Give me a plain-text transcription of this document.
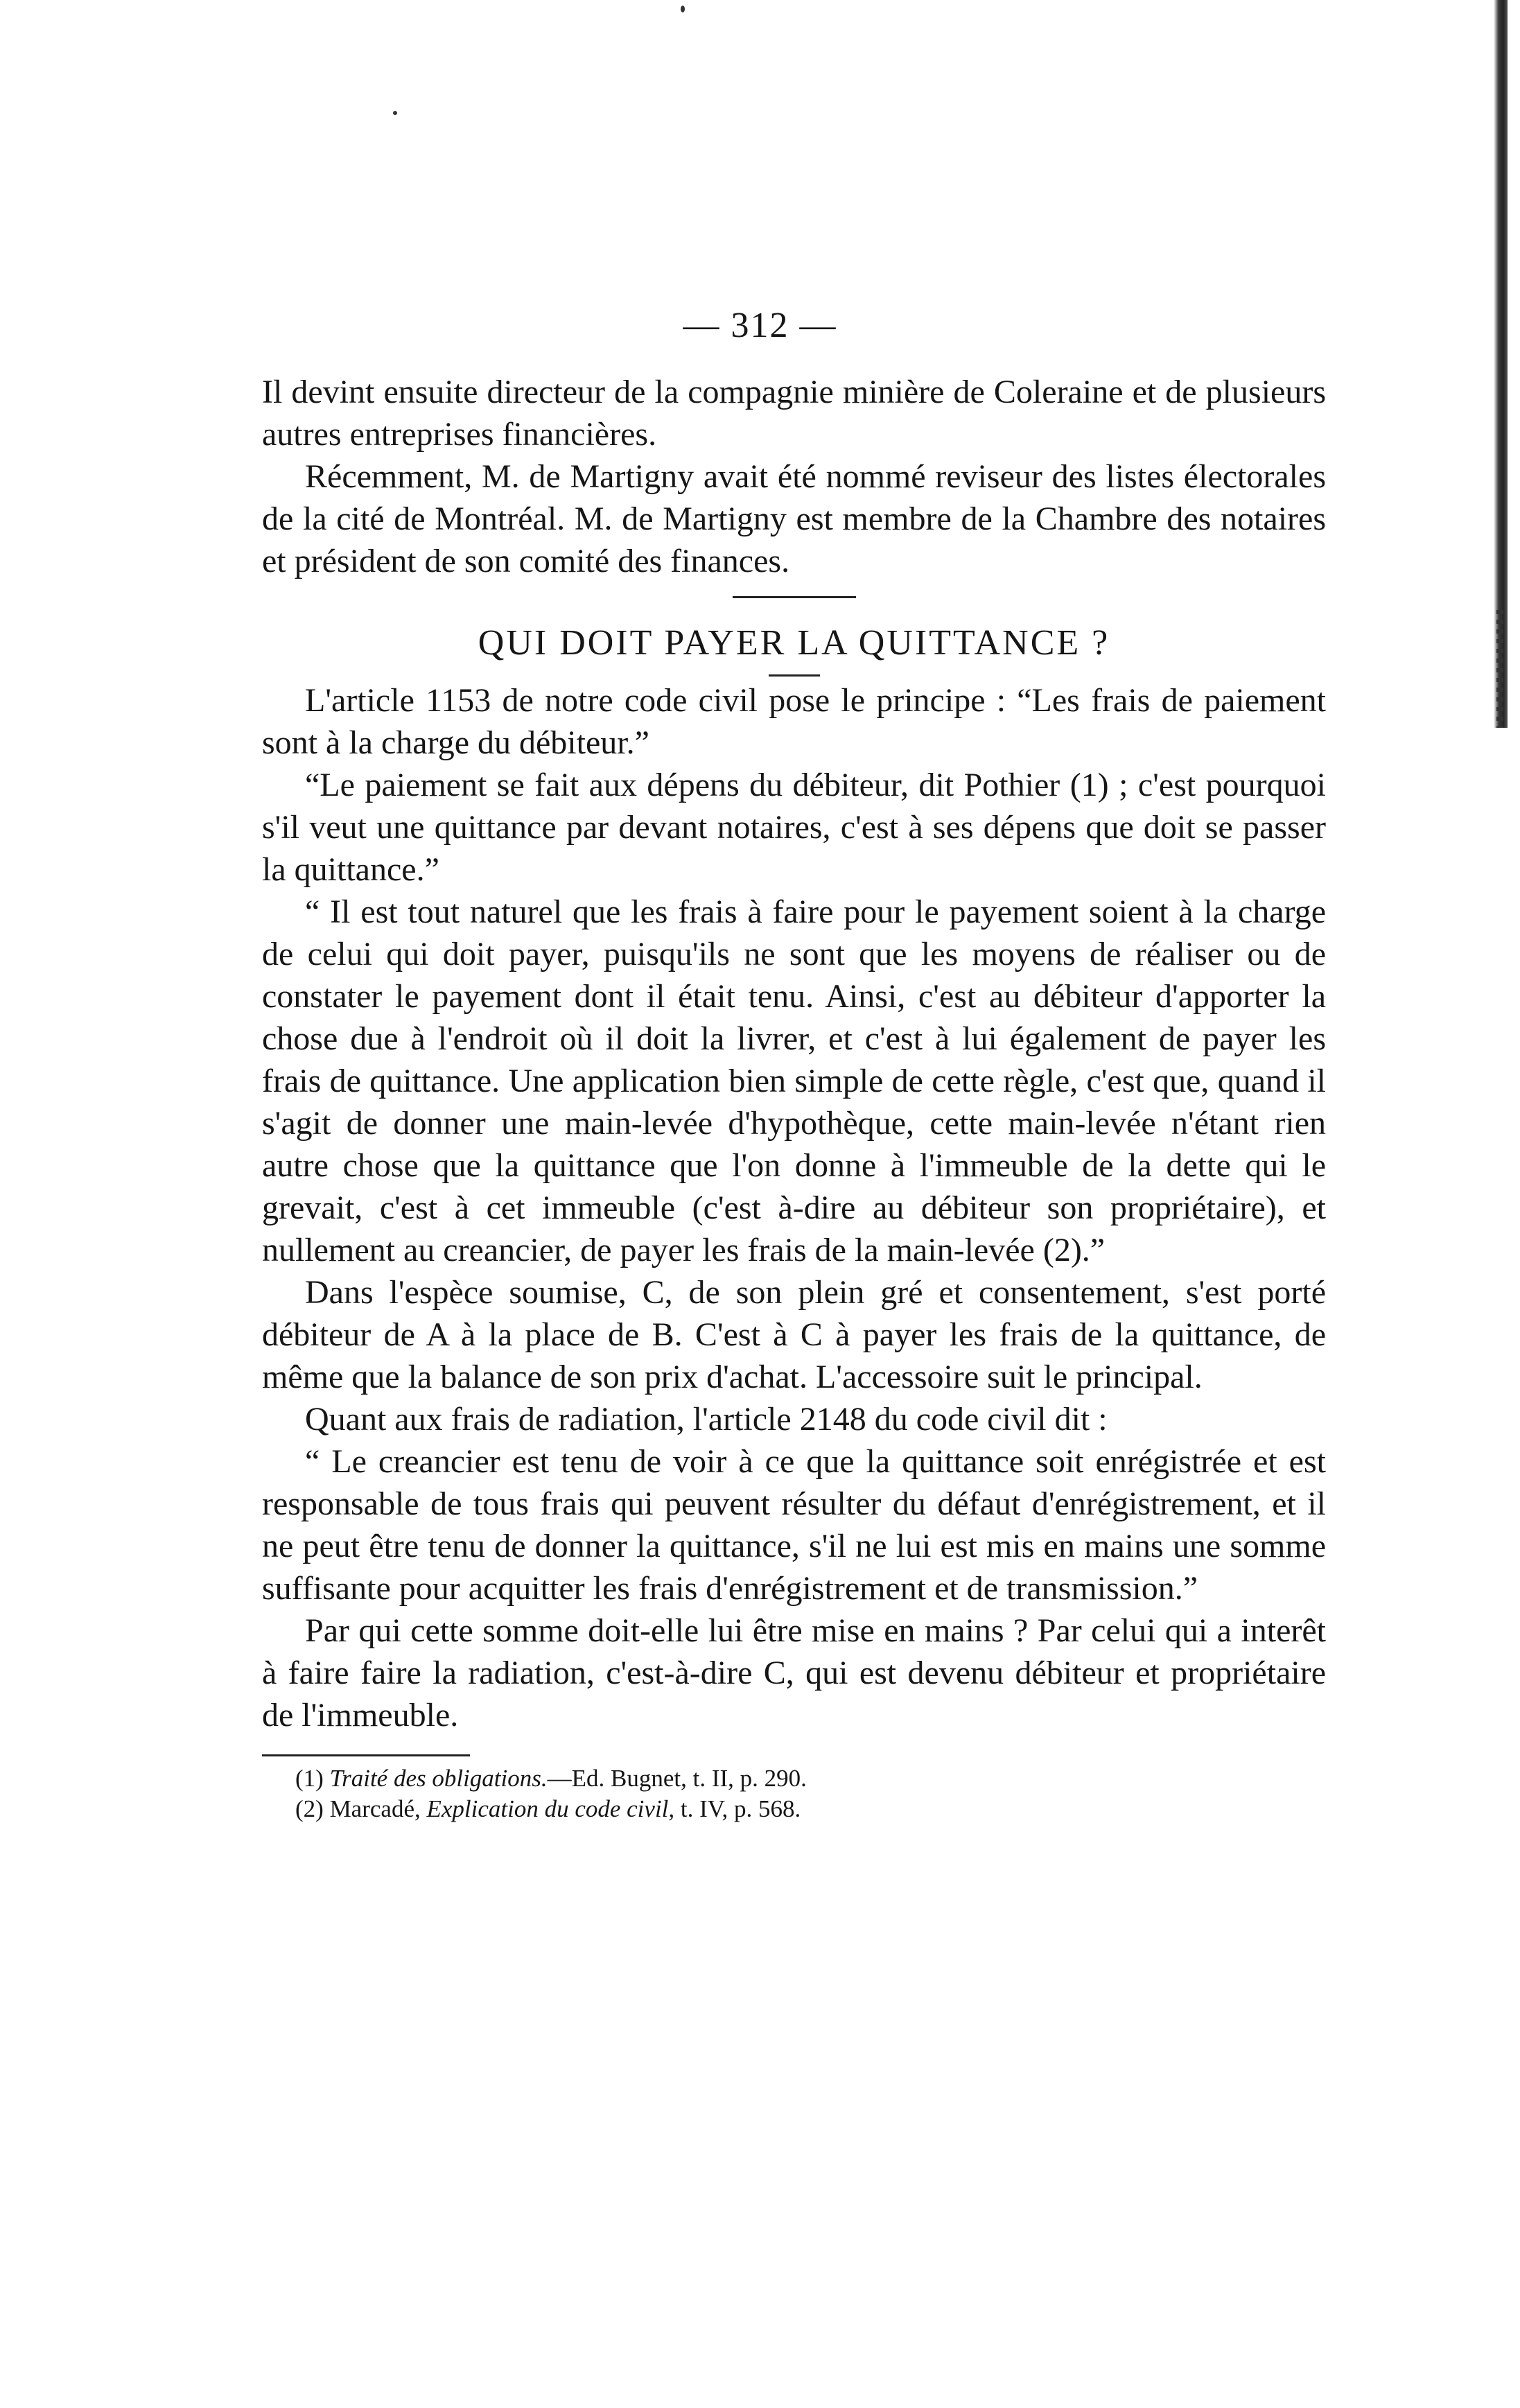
— 312 —

Il devint ensuite directeur de la compagnie minière de Coleraine et de plusieurs autres entreprises financières.

Récemment, M. de Martigny avait été nommé reviseur des listes électorales de la cité de Montréal. M. de Martigny est membre de la Chambre des notaires et président de son comité des finances.

QUI DOIT PAYER LA QUITTANCE ?

L'article 1153 de notre code civil pose le principe : “Les frais de paiement sont à la charge du débiteur.”

“Le paiement se fait aux dépens du débiteur, dit Pothier (1) ; c'est pourquoi s'il veut une quittance par devant notaires, c'est à ses dépens que doit se passer la quittance.”

“ Il est tout naturel que les frais à faire pour le payement soient à la charge de celui qui doit payer, puisqu'ils ne sont que les moyens de réaliser ou de constater le payement dont il était tenu. Ainsi, c'est au débiteur d'apporter la chose due à l'endroit où il doit la livrer, et c'est à lui également de payer les frais de quittance. Une application bien simple de cette règle, c'est que, quand il s'agit de donner une main-levée d'hypothèque, cette main-levée n'étant rien autre chose que la quittance que l'on donne à l'immeuble de la dette qui le grevait, c'est à cet immeuble (c'est à-dire au débiteur son propriétaire), et nullement au creancier, de payer les frais de la main-levée (2).”

Dans l'espèce soumise, C, de son plein gré et consentement, s'est porté débiteur de A à la place de B. C'est à C à payer les frais de la quittance, de même que la balance de son prix d'achat. L'accessoire suit le principal.

Quant aux frais de radiation, l'article 2148 du code civil dit :

“ Le creancier est tenu de voir à ce que la quittance soit enrégistrée et est responsable de tous frais qui peuvent résulter du défaut d'enrégistrement, et il ne peut être tenu de donner la quittance, s'il ne lui est mis en mains une somme suffisante pour acquitter les frais d'enrégistrement et de transmission.”

Par qui cette somme doit-elle lui être mise en mains ? Par celui qui a interêt à faire faire la radiation, c'est-à-dire C, qui est devenu débiteur et propriétaire de l'immeuble.

(1) Traité des obligations.—Ed. Bugnet, t. II, p. 290.
(2) Marcadé, Explication du code civil, t. IV, p. 568.
